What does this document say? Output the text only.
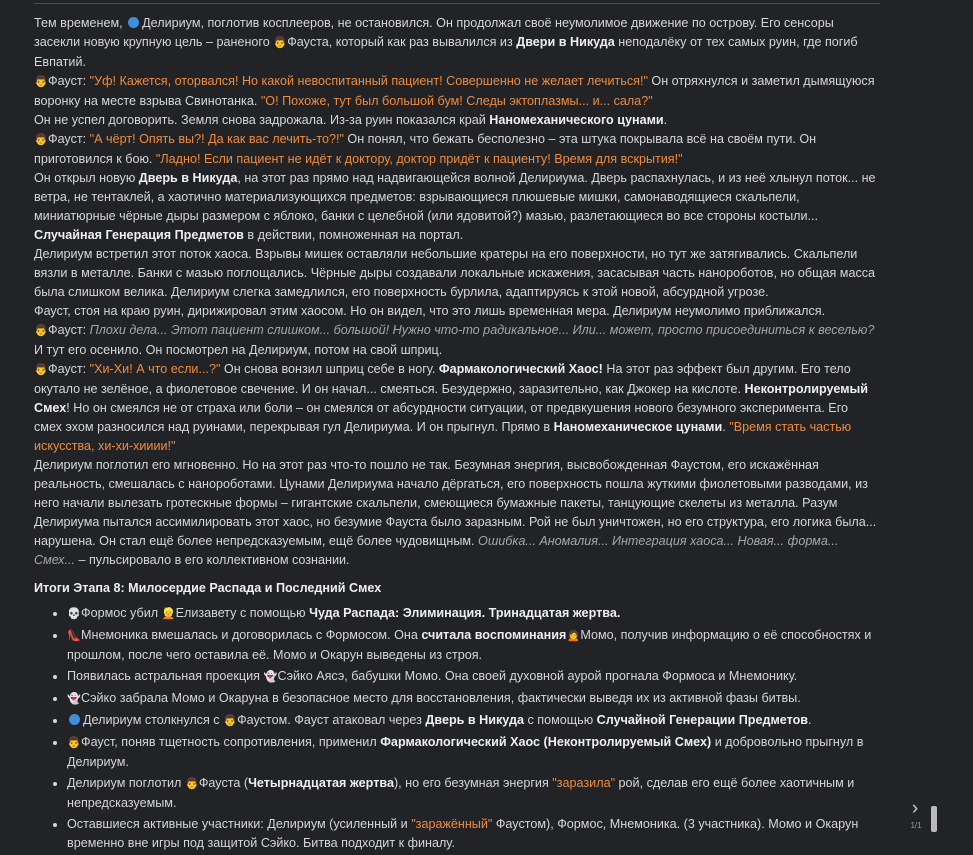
Тем временем, Делириум, поглотив косплееров, не остановился. Он продолжал своё неумолимое движение по острову. Его сенсоры засекли новую крупную цель – раненого 👨Фауста, который как раз вывалился из Двери в Никуда неподалёку от тех самых руин, где погиб Евпатий.

👨Фауст: "Уф! Кажется, оторвался! Но какой невоспитанный пациент! Совершенно не желает лечиться!" Он отряхнулся и заметил дымящуюся воронку на месте взрыва Свинотанка. "О! Похоже, тут был большой бум! Следы эктоплазмы... и... сала?"

Он не успел договорить. Земля снова задрожала. Из-за руин показался край Наномеханического цунами.

👨Фауст: "А чёрт! Опять вы?! Да как вас лечить-то?!" Он понял, что бежать бесполезно – эта штука покрывала всё на своём пути. Он приготовился к бою. "Ладно! Если пациент не идёт к доктору, доктор придёт к пациенту! Время для вскрытия!"

Он открыл новую Дверь в Никуда, на этот раз прямо над надвигающейся волной Делириума. Дверь распахнулась, и из неё хлынул поток... не ветра, не тентаклей, а хаотично материализующихся предметов: взрывающиеся плюшевые мишки, самонаводящиеся скальпели, миниатюрные чёрные дыры размером с яблоко, банки с целебной (или ядовитой?) мазью, разлетающиеся во все стороны костыли... Случайная Генерация Предметов в действии, помноженная на портал.

Делириум встретил этот поток хаоса. Взрывы мишек оставляли небольшие кратеры на его поверхности, но тут же затягивались. Скальпели вязли в металле. Банки с мазью поглощались. Чёрные дыры создавали локальные искажения, засасывая часть нанороботов, но общая масса была слишком велика. Делириум слегка замедлился, его поверхность бурлила, адаптируясь к этой новой, абсурдной угрозе.

Фауст, стоя на краю руин, дирижировал этим хаосом. Но он видел, что это лишь временная мера. Делириум неумолимо приближался.

👨Фауст: Плохи дела... Этот пациент слишком... большой! Нужно что-то радикальное... Или... может, просто присоединиться к веселью?

И тут его осенило. Он посмотрел на Делириум, потом на свой шприц.

👨Фауст: "Хи-Хи! А что если...?" Он снова вонзил шприц себе в ногу. Фармакологический Хаос! На этот раз эффект был другим. Его тело окутало не зелёное, а фиолетовое свечение. И он начал... смеяться. Безудержно, заразительно, как Джокер на кислоте. Неконтролируемый Смех! Но он смеялся не от страха или боли – он смеялся от абсурдности ситуации, от предвкушения нового безумного эксперимента. Его смех эхом разносился над руинами, перекрывая гул Делириума. И он прыгнул. Прямо в Наномеханическое цунами. "Время стать частью искусства, хи-хи-хииии!"

Делириум поглотил его мгновенно. Но на этот раз что-то пошло не так. Безумная энергия, высвобожденная Фаустом, его искажённая реальность, смешалась с нанороботами. Цунами Делириума начало дёргаться, его поверхность пошла жуткими фиолетовыми разводами, из него начали вылезать гротескные формы – гигантские скальпели, смеющиеся бумажные пакеты, танцующие скелеты из металла. Разум Делириума пытался ассимилировать этот хаос, но безумие Фауста было заразным. Рой не был уничтожен, но его структура, его логика была... нарушена. Он стал ещё более непредсказуемым, ещё более чудовищным. Ошибка... Аномалия... Интеграция хаоса... Новая... форма... Смех... – пульсировало в его коллективном сознании.

Итоги Этапа 8: Милосердие Распада и Последний Смех
• 💀Формос убил 👱Елизавету с помощью Чуда Распада: Элиминация. Тринадцатая жертва.
• 👠Мнемоника вмешалась и договорилась с Формосом. Она считала воспоминания🙍Момо, получив информацию о её способностях и прошлом, после чего оставила её. Момо и Окарун выведены из строя.
• Появилась астральная проекция 👻Сэйко Аясэ, бабушки Момо. Она своей духовной аурой прогнала Формоса и Мнемонику.
• 👻Сэйко забрала Момо и Окаруна в безопасное место для восстановления, фактически выведя их из активной фазы битвы.
• Делириум столкнулся с 👨Фаустом. Фауст атаковал через Дверь в Никуда с помощью Случайной Генерации Предметов.
• 👨Фауст, поняв тщетность сопротивления, применил Фармакологический Хаос (Неконтролируемый Смех) и добровольно прыгнул в Делириум.
• Делириум поглотил 👨Фауста (Четырнадцатая жертва), но его безумная энергия "заразила" рой, сделав его ещё более хаотичным и непредсказуемым.
• Оставшиеся активные участники: Делириум (усиленный и "заражённый" Фаустом), Формос, Мнемоника. (3 участника). Момо и Окарун временно вне игры под защитой Сэйко. Битва подходит к финалу.
›
1/1
